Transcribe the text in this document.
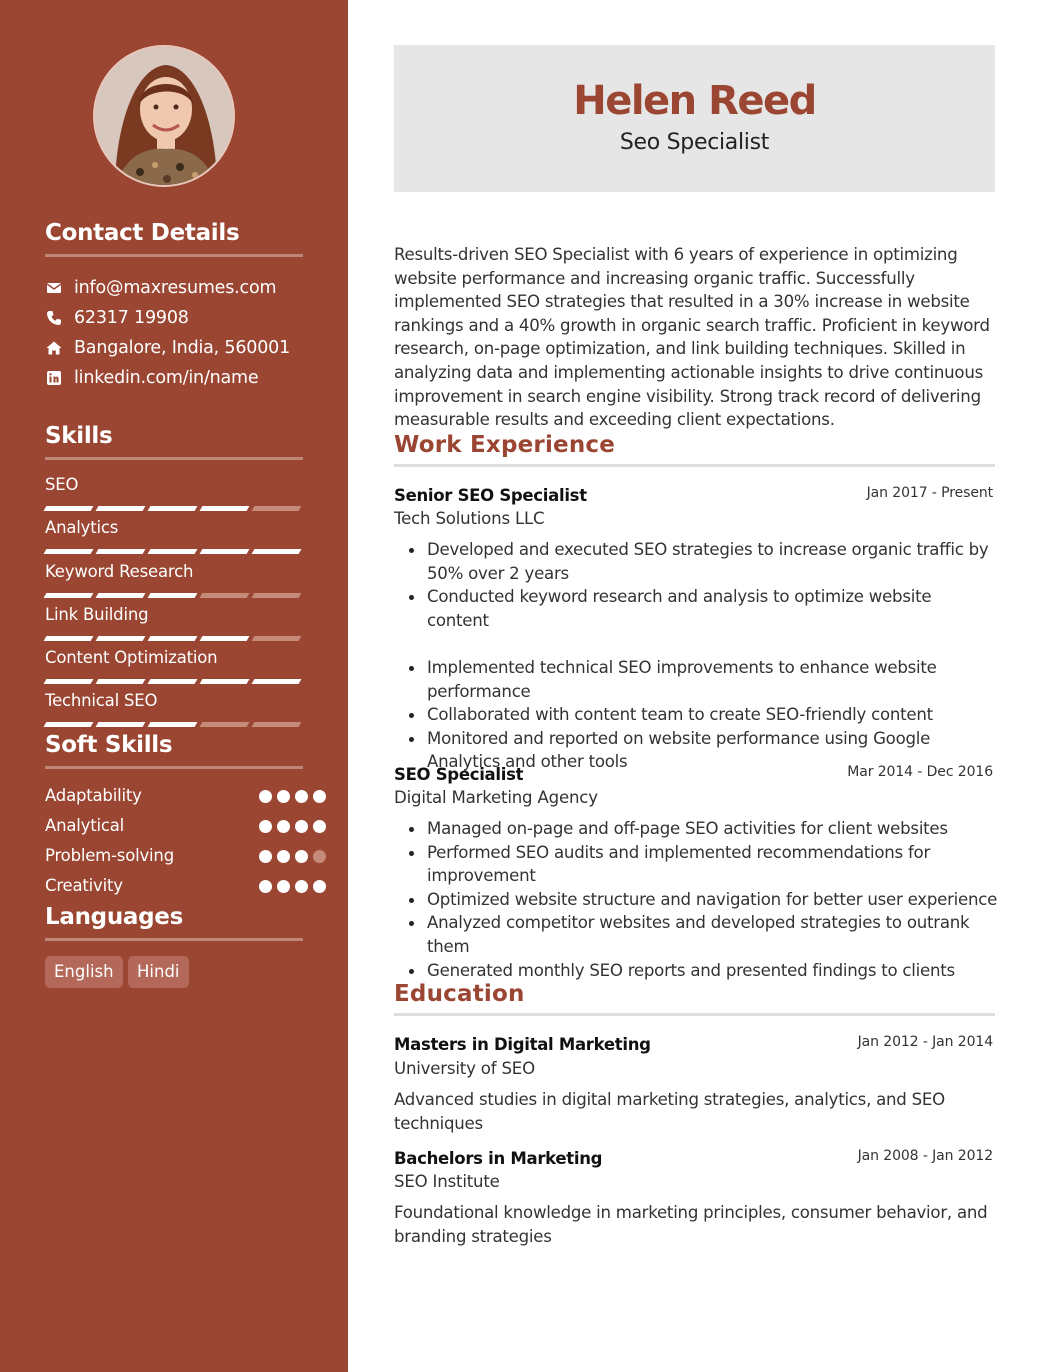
Contact Details
info@maxresumes.com
62317 19908
Bangalore, India, 560001
linkedin.com/in/name
Skills
SEO
Analytics
Keyword Research
Link Building
Content Optimization
Technical SEO
Soft Skills
Adaptability
Analytical
Problem-solving
Creativity
Languages
English	Hindi
Helen Reed
Seo Specialist
Results-driven SEO Specialist with 6 years of experience in optimizing website performance and increasing organic traffic. Successfully implemented SEO strategies that resulted in a 30% increase in website rankings and a 40% growth in organic search traffic. Proficient in keyword research, on-page optimization, and link building techniques. Skilled in analyzing data and implementing actionable insights to drive continuous improvement in search engine visibility. Strong track record of delivering measurable results and exceeding client expectations.
Work Experience
Senior SEO Specialist	Jan 2017 - Present
Tech Solutions LLC
Developed and executed SEO strategies to increase organic traffic by 50% over 2 years
Conducted keyword research and analysis to optimize website content
Implemented technical SEO improvements to enhance website performance
Collaborated with content team to create SEO-friendly content
Monitored and reported on website performance using Google Analytics and other tools
SEO Specialist	Mar 2014 - Dec 2016
Digital Marketing Agency
Managed on-page and off-page SEO activities for client websites
Performed SEO audits and implemented recommendations for improvement
Optimized website structure and navigation for better user experience
Analyzed competitor websites and developed strategies to outrank them
Generated monthly SEO reports and presented findings to clients
Education
Masters in Digital Marketing	Jan 2012 - Jan 2014
University of SEO
Advanced studies in digital marketing strategies, analytics, and SEO techniques
Bachelors in Marketing	Jan 2008 - Jan 2012
SEO Institute
Foundational knowledge in marketing principles, consumer behavior, and branding strategies
